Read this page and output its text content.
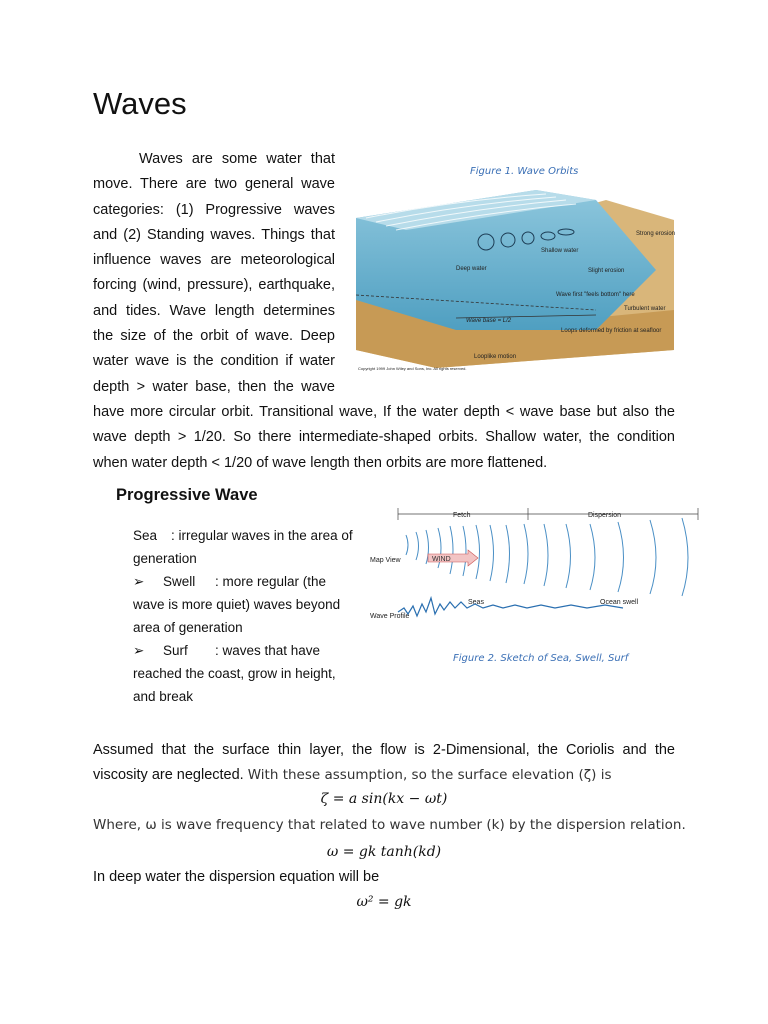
Waves

Waves are some water that move. There are two general wave categories: (1) Progressive waves and (2) Standing waves. Things that influence waves are meteorological forcing (wind, pressure), earthquake, and tides. Wave length determines the size of the orbit of wave. Deep water wave is the condition if water depth > water base, then the wave have more circular orbit. Transitional wave, If the water depth < wave base but also the wave depth > 1/20. So there intermediate-shaped orbits. Shallow water, the condition when water depth < 1/20 of wave length then orbits are more flattened.

Figure 1. Wave Orbits
Deep water
Shallow water
Strong erosion
Slight erosion
Wave first "feels bottom" here
Turbulent water
Wave base = L/2
Loops deformed by friction at seafloor
Looplike motion
Copyright 1999 John Wiley and Sons, Inc. All rights reserved.
Progressive Wave
Sea : irregular waves in the area of generation
➢ Swell : more regular (the wave is more quiet) waves beyond area of generation
➢ Surf : waves that have reached the coast, grow in height, and break
Fetch	Dispersion
Map View
Wave Profile
Seas	Ocean swell
WIND
Figure 2. Sketch of Sea, Swell, Surf

Assumed that the surface thin layer, the flow is 2-Dimensional, the Coriolis and the viscosity are neglected. With these assumption, so the surface elevation (ζ) is

ζ = a sin(kx − ωt)
Where, ω is wave frequency that related to wave number (k) by the dispersion relation.
ω = gk tanh(kd)
In deep water the dispersion equation will be
ω² = gk
